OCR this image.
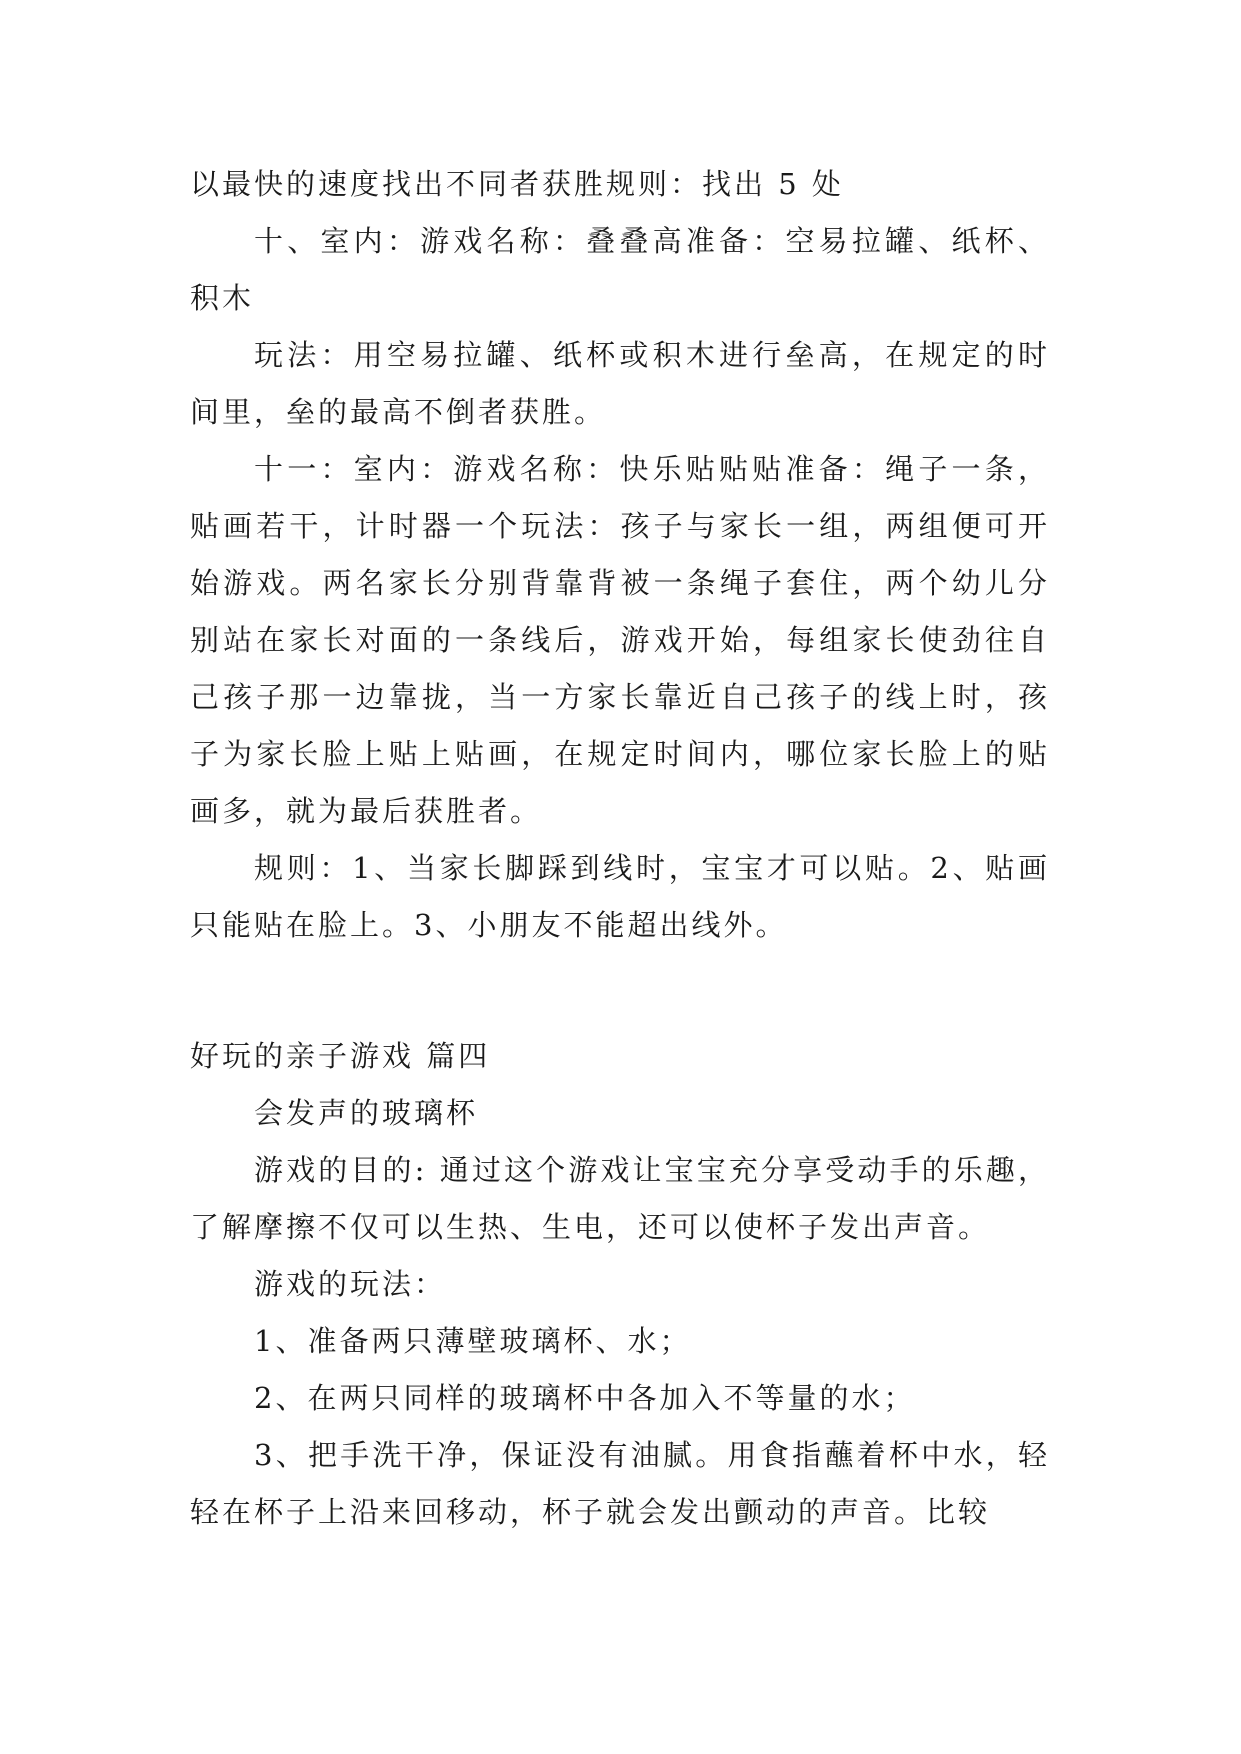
以最快的速度找出不同者获胜规则：找出 5 处

十、室内：游戏名称：叠叠高准备：空易拉罐、纸杯、积木

玩法：用空易拉罐、纸杯或积木进行垒高，在规定的时间里，垒的最高不倒者获胜。

十一：室内：游戏名称：快乐贴贴贴准备：绳子一条，贴画若干，计时器一个玩法：孩子与家长一组，两组便可开始游戏。两名家长分别背靠背被一条绳子套住，两个幼儿分别站在家长对面的一条线后，游戏开始，每组家长使劲往自己孩子那一边靠拢，当一方家长靠近自己孩子的线上时，孩子为家长脸上贴上贴画，在规定时间内，哪位家长脸上的贴画多，就为最后获胜者。

规则：1、当家长脚踩到线时，宝宝才可以贴。2、贴画只能贴在脸上。3、小朋友不能超出线外。

好玩的亲子游戏 篇四

会发声的玻璃杯

游戏的目的: 通过这个游戏让宝宝充分享受动手的乐趣，了解摩擦不仅可以生热、生电，还可以使杯子发出声音。

游戏的玩法：

1、准备两只薄壁玻璃杯、水；

2、在两只同样的玻璃杯中各加入不等量的水；

3、把手洗干净，保证没有油腻。用食指蘸着杯中水，轻轻在杯子上沿来回移动，杯子就会发出颤动的声音。比较
